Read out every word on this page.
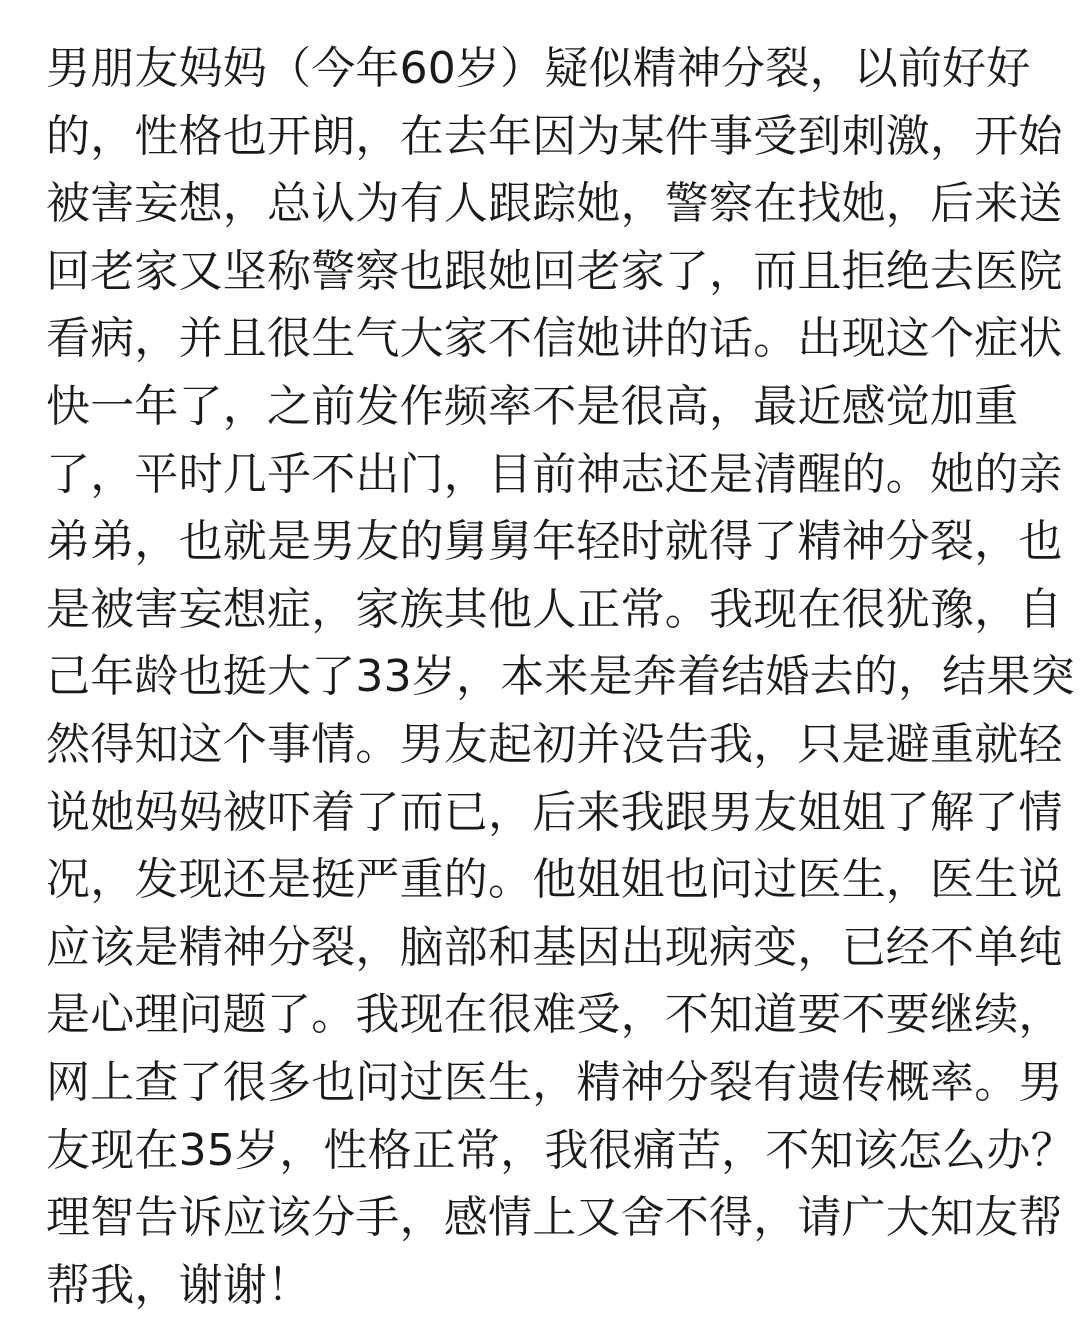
男朋友妈妈（今年60岁）疑似精神分裂，以前好好
的，性格也开朗，在去年因为某件事受到刺激，开始
被害妄想，总认为有人跟踪她，警察在找她，后来送
回老家又坚称警察也跟她回老家了，而且拒绝去医院
看病，并且很生气大家不信她讲的话。出现这个症状
快一年了，之前发作频率不是很高，最近感觉加重
了，平时几乎不出门，目前神志还是清醒的。她的亲
弟弟，也就是男友的舅舅年轻时就得了精神分裂，也
是被害妄想症，家族其他人正常。我现在很犹豫，自
己年龄也挺大了33岁，本来是奔着结婚去的，结果突
然得知这个事情。男友起初并没告我，只是避重就轻
说她妈妈被吓着了而已，后来我跟男友姐姐了解了情
况，发现还是挺严重的。他姐姐也问过医生，医生说
应该是精神分裂，脑部和基因出现病变，已经不单纯
是心理问题了。我现在很难受，不知道要不要继续，
网上查了很多也问过医生，精神分裂有遗传概率。男
友现在35岁，性格正常，我很痛苦，不知该怎么办？
理智告诉应该分手，感情上又舍不得，请广大知友帮
帮我，谢谢！
